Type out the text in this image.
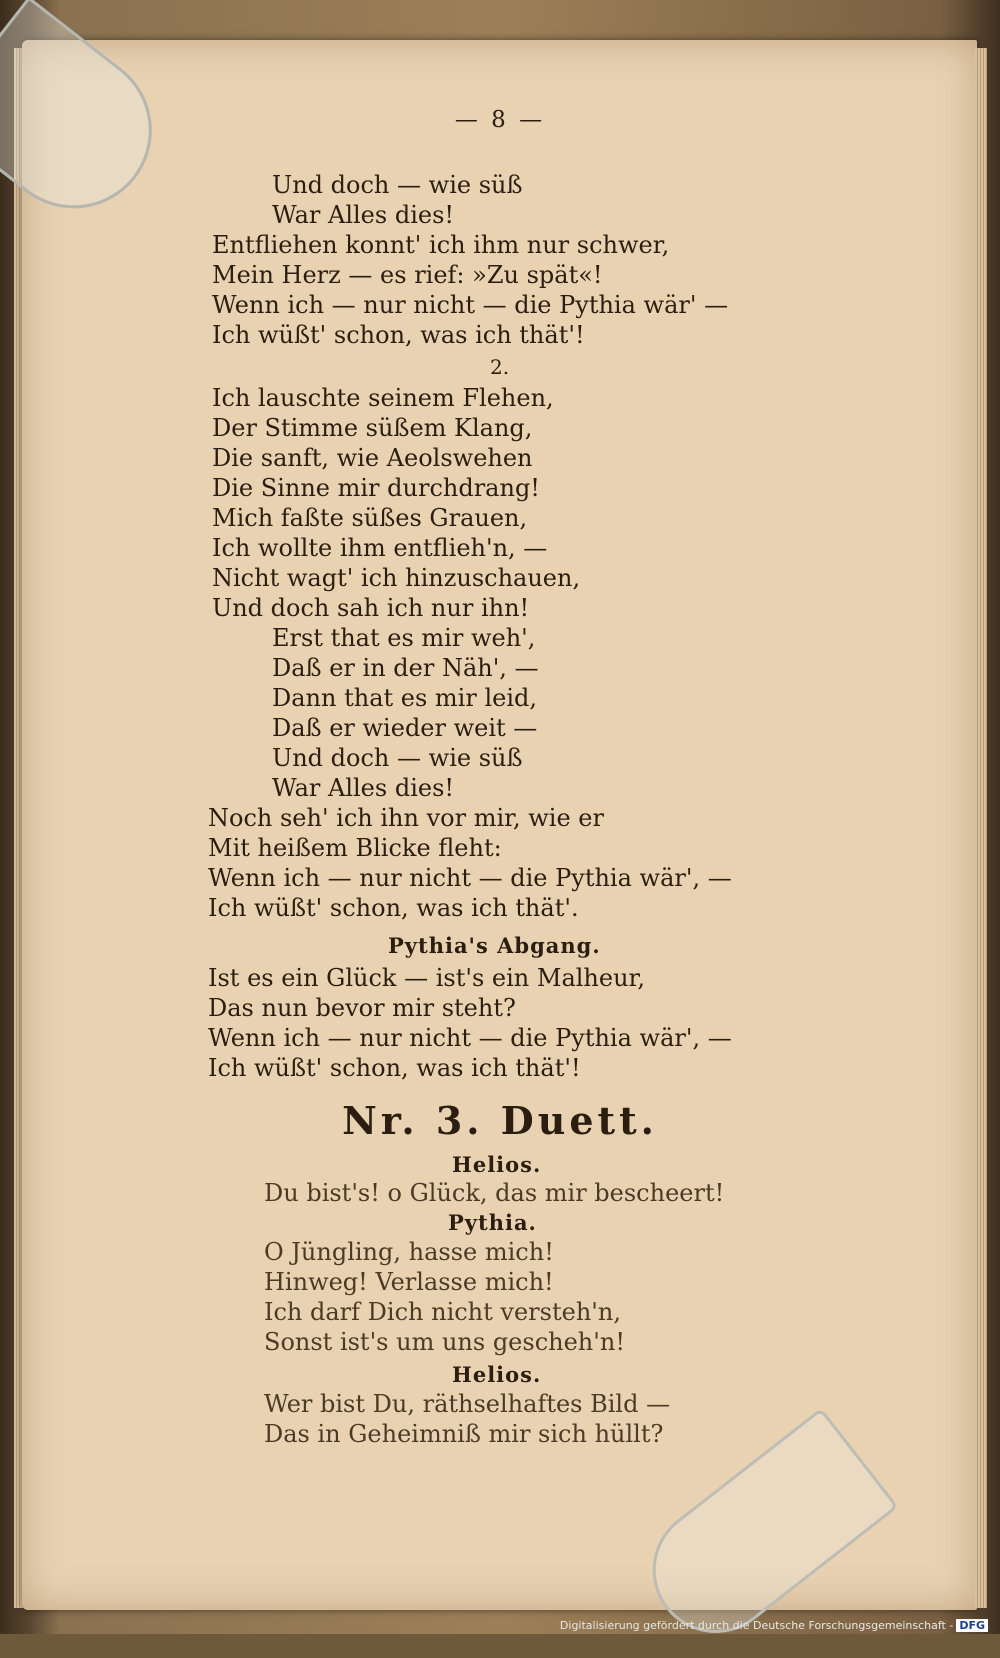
— 8 —
Und doch — wie süß
War Alles dies!
Entfliehen konnt' ich ihm nur schwer,
Mein Herz — es rief: »Zu spät«!
Wenn ich — nur nicht — die Pythia wär' —
Ich wüßt' schon, was ich thät'!
2.
Ich lauschte seinem Flehen,
Der Stimme süßem Klang,
Die sanft, wie Aeolswehen
Die Sinne mir durchdrang!
Mich faßte süßes Grauen,
Ich wollte ihm entflieh'n, —
Nicht wagt' ich hinzuschauen,
Und doch sah ich nur ihn!
Erst that es mir weh',
Daß er in der Näh', —
Dann that es mir leid,
Daß er wieder weit —
Und doch — wie süß
War Alles dies!
Noch seh' ich ihn vor mir, wie er
Mit heißem Blicke fleht:
Wenn ich — nur nicht — die Pythia wär', —
Ich wüßt' schon, was ich thät'.
Pythia's Abgang.
Ist es ein Glück — ist's ein Malheur,
Das nun bevor mir steht?
Wenn ich — nur nicht — die Pythia wär', —
Ich wüßt' schon, was ich thät'!
Nr. 3. Duett.
Helios.
Du bist's! o Glück, das mir bescheert!
Pythia.
O Jüngling, hasse mich!
Hinweg! Verlasse mich!
Ich darf Dich nicht versteh'n,
Sonst ist's um uns gescheh'n!
Helios.
Wer bist Du, räthselhaftes Bild —
Das in Geheimniß mir sich hüllt?
Digitalisierung gefördert durch die Deutsche Forschungsgemeinschaft - DFG
